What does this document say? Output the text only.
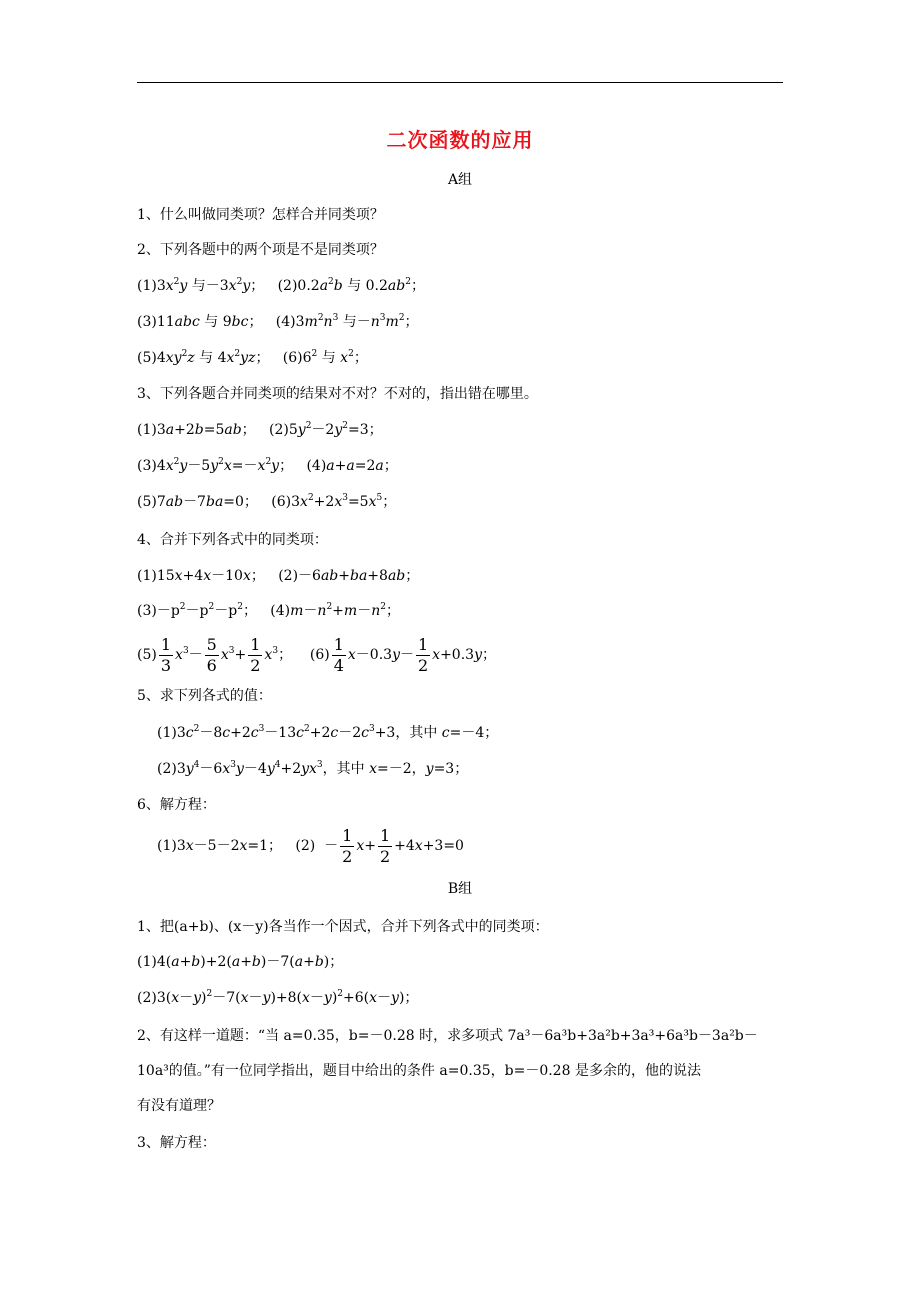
二次函数的应用
A组
1、什么叫做同类项？怎样合并同类项？
2、下列各题中的两个项是不是同类项？
$(1)3x^2y$ 与$-3x^2y$；   $(2)0.2a^2b$ 与 $0.2ab^2$；
(3)11abc 与 9bc；   $(4)3m^2n^3$ 与$-n^3m^2$；
$(5)4xy^2z$ 与 $4x^2yz$；   $(6)6^2$ 与 $x^2$；
3、下列各题合并同类项的结果对不对？不对的，指出错在哪里。
(1)3a+2b=5ab；   $(2)5y^2-2y^2=3$；
$(3)4x^2y-5y^2x=-x^2y$；   (4)a+a=2a；
(5)7ab－7ba=0；   $(6)3x^2+2x^3=5x^5$；
4、合并下列各式中的同类项：
(1)15x+4x－10x；   (2)－6ab+ba+8ab；
$(3)-p^2-p^2-p^2$；   $(4)m-n^2+m-n^2$；
$(5) \frac{1}{3} x^3- \frac{5}{6} x^3+ \frac{1}{2} x^3$；    $(6) \frac{1}{4} x-0.3y- \frac{1}{2} x+0.3y$；
5、求下列各式的值：
$(1)3c^2-8c+2c^3-13c^2+2c-2c^3+3$，其中 c=－4；
$(2)3y^4-6x^3y-4y^4+2yx^3$，其中 x=－2，y=3；
6、解方程：
(1)3x－5－2x=1；   $(2) - \frac{1}{2} x+ \frac{1}{2} +4x+3=0$
B组
1、把(a+b)、(x－y)各当作一个因式，合并下列各式中的同类项：
(1)4(a+b)+2(a+b)－7(a+b)；
$(2)3(x-y)^2-7(x-y)+8(x-y)^2+6(x-y)$；
2、有这样一道题：“当 a=0.35，b=－0.28 时，求多项式 7a³－6a³b+3a²b+3a³+6a³b－3a²b－
10a³的值。”有一位同学指出，题目中给出的条件 a=0.35，b=－0.28 是多余的，他的说法
有没有道理？
3、解方程：
